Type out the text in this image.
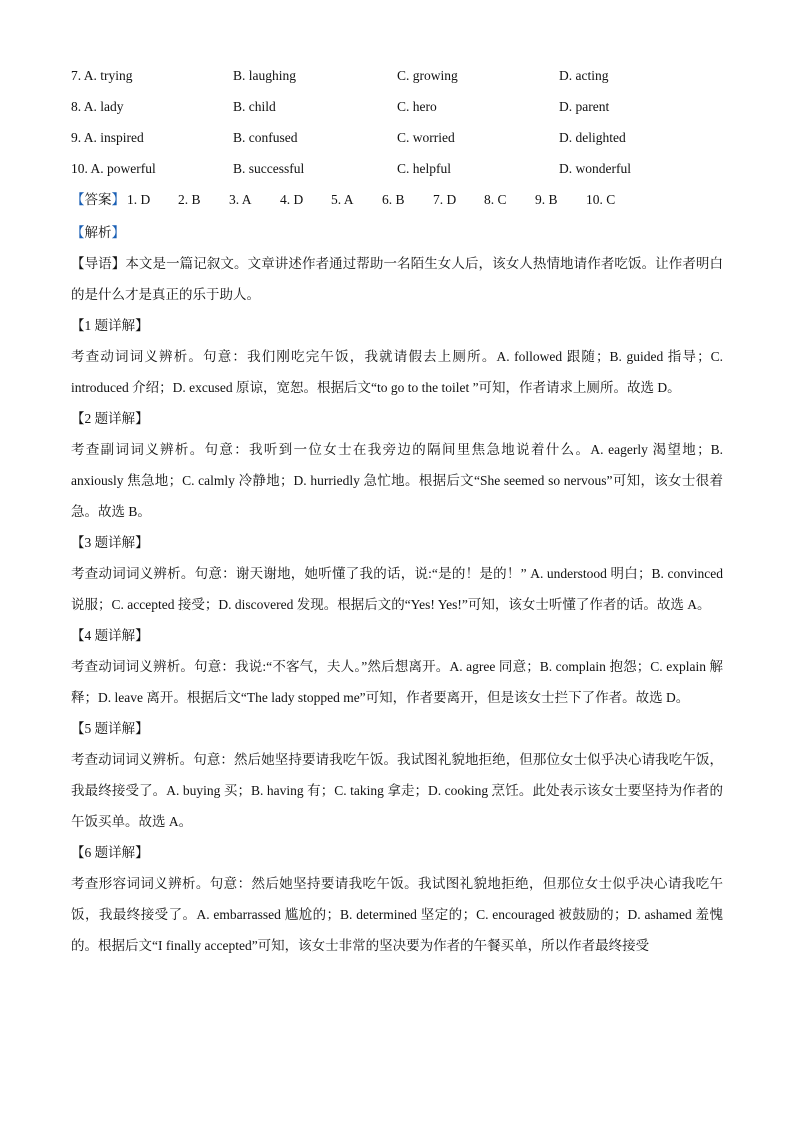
7. A. trying	B. laughing	C. growing	D. acting
8. A. lady	B. child	C. hero	D. parent
9. A. inspired	B. confused	C. worried	D. delighted
10. A. powerful	B. successful	C. helpful	D. wonderful
【答案】 1. D 2. B 3. A 4. D 5. A 6. B 7. D 8. C 9. B 10. C
【解析】
【导语】本文是一篇记叙文。文章讲述作者通过帮助一名陌生女人后，该女人热情地请作者吃饭。让作者明白的是什么才是真正的乐于助人。
【1 题详解】
考查动词词义辨析。句意：我们刚吃完午饭，我就请假去上厕所。A. followed 跟随；B. guided 指导；C. introduced 介绍；D. excused 原谅，宽恕。根据后文“to go to the toilet ”可知，作者请求上厕所。故选 D。
【2 题详解】
考查副词词义辨析。句意：我听到一位女士在我旁边的隔间里焦急地说着什么。A. eagerly 渴望地；B. anxiously 焦急地；C. calmly 冷静地；D. hurriedly 急忙地。根据后文“She seemed so nervous”可知，该女士很着急。故选 B。
【3 题详解】
考查动词词义辨析。句意：谢天谢地，她听懂了我的话，说:“是的！是的！” A. understood 明白；B. convinced 说服；C. accepted 接受；D. discovered 发现。根据后文的“Yes! Yes!”可知，该女士听懂了作者的话。故选 A。
【4 题详解】
考查动词词义辨析。句意：我说:“不客气，夫人。”然后想离开。A. agree 同意；B. complain 抱怨；C. explain 解释；D. leave 离开。根据后文“The lady stopped me”可知，作者要离开，但是该女士拦下了作者。故选 D。
【5 题详解】
考查动词词义辨析。句意：然后她坚持要请我吃午饭。我试图礼貌地拒绝，但那位女士似乎决心请我吃午饭，我最终接受了。A. buying 买；B. having 有；C. taking 拿走；D. cooking 烹饪。此处表示该女士要坚持为作者的午饭买单。故选 A。
【6 题详解】
考查形容词词义辨析。句意：然后她坚持要请我吃午饭。我试图礼貌地拒绝，但那位女士似乎决心请我吃午饭，我最终接受了。A. embarrassed 尴尬的；B. determined 坚定的；C. encouraged 被鼓励的；D. ashamed 羞愧的。根据后文“I finally accepted”可知，该女士非常的坚决要为作者的午餐买单，所以作者最终接受
